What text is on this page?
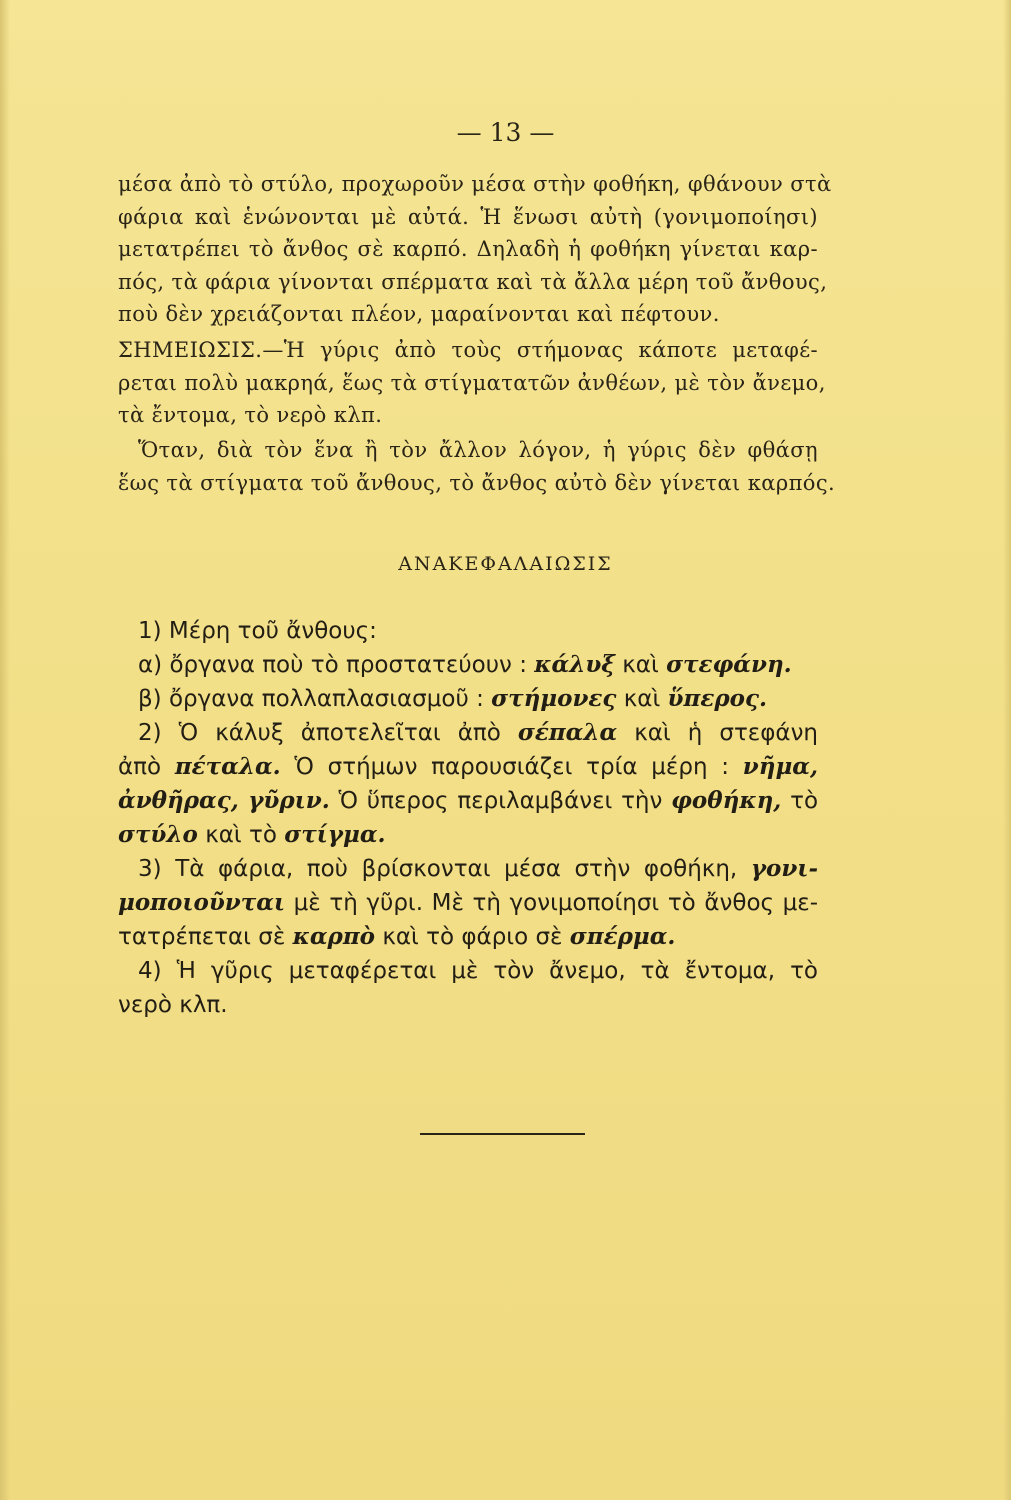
— 13 —
μέσα ἀπὸ τὸ στύλο, προχωροῦν μέσα στὴν φοθήκη, φθάνουν στὰ
φάρια καὶ ἑνώνονται μὲ αὐτά. Ἡ ἕνωσι αὐτὴ (γονιμοποίησι)
μετατρέπει τὸ ἄνθος σὲ καρπό. Δηλαδὴ ἡ φοθήκη γίνεται καρ-
πός, τὰ φάρια γίνονται σπέρματα καὶ τὰ ἄλλα μέρη τοῦ ἄνθους,
ποὺ δὲν χρειάζονται πλέον, μαραίνονται καὶ πέφτουν.
ΣΗΜΕΙΩΣΙΣ.—Ἡ γύρις ἀπὸ τοὺς στήμονας κάποτε μεταφέ-
ρεται πολὺ μακρηά, ἕως τὰ στίγματατῶν ἀνθέων, μὲ τὸν ἄνεμο,
τὰ ἔντομα, τὸ νερὸ κλπ.
Ὅταν, διὰ τὸν ἕνα ἢ τὸν ἄλλον λόγον, ἡ γύρις δὲν φθάσῃ
ἕως τὰ στίγματα τοῦ ἄνθους, τὸ ἄνθος αὐτὸ δὲν γίνεται καρπός.
ΑΝΑΚΕΦΑΛΑΙΩΣΙΣ
1) Μέρη τοῦ ἄνθους:
α) ὄργανα ποὺ τὸ προστατεύουν : κάλυξ καὶ στεφάνη.
β) ὄργανα πολλαπλασιασμοῦ : στήμονες καὶ ὕπερος.
2) Ὁ κάλυξ ἀποτελεῖται ἀπὸ σέπαλα καὶ ἡ στεφάνη
ἀπὸ πέταλα. Ὁ στήμων παρουσιάζει τρία μέρη : νῆμα,
ἀνθῆρας, γῦριν. Ὁ ὕπερος περιλαμβάνει τὴν φοθήκη, τὸ
στύλο καὶ τὸ στίγμα.
3) Τὰ φάρια, ποὺ βρίσκονται μέσα στὴν φοθήκη, γονι-
μοποιοῦνται μὲ τὴ γῦρι. Μὲ τὴ γονιμοποίησι τὸ ἄνθος με-
τατρέπεται σὲ καρπὸ καὶ τὸ φάριο σὲ σπέρμα.
4) Ἡ γῦρις μεταφέρεται μὲ τὸν ἄνεμο, τὰ ἔντομα, τὸ
νερὸ κλπ.
